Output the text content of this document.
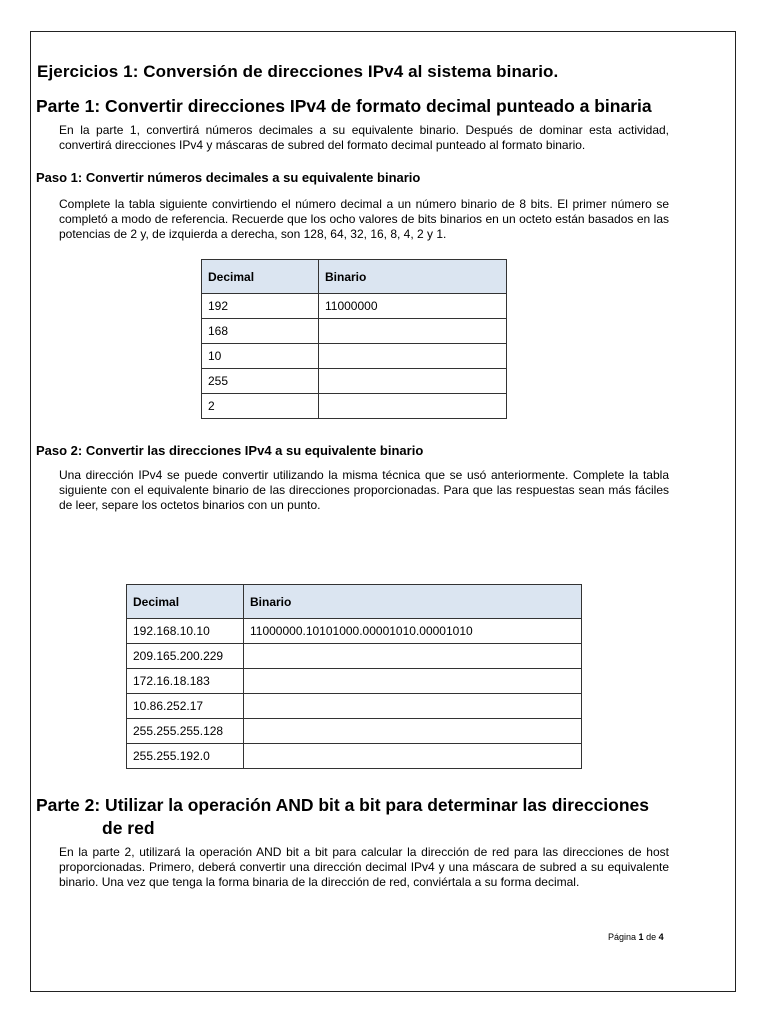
Ejercicios 1: Conversión de direcciones IPv4 al sistema binario.
Parte 1: Convertir direcciones IPv4 de formato decimal punteado a binaria
En la parte 1, convertirá números decimales a su equivalente binario. Después de dominar esta actividad, convertirá direcciones IPv4 y máscaras de subred del formato decimal punteado al formato binario.
Paso 1: Convertir números decimales a su equivalente binario
Complete la tabla siguiente convirtiendo el número decimal a un número binario de 8 bits. El primer número se completó a modo de referencia. Recuerde que los ocho valores de bits binarios en un octeto están basados en las potencias de 2 y, de izquierda a derecha, son 128, 64, 32, 16, 8, 4, 2 y 1.
Decimal	Binario
192	11000000
168	
10	
255	
2	
Paso 2: Convertir las direcciones IPv4 a su equivalente binario
Una dirección IPv4 se puede convertir utilizando la misma técnica que se usó anteriormente. Complete la tabla siguiente con el equivalente binario de las direcciones proporcionadas. Para que las respuestas sean más fáciles de leer, separe los octetos binarios con un punto.
Decimal	Binario
192.168.10.10	11000000.10101000.00001010.00001010
209.165.200.229	
172.16.18.183	
10.86.252.17	
255.255.255.128	
255.255.192.0	
Parte 2: Utilizar la operación AND bit a bit para determinar las direcciones
de red
En la parte 2, utilizará la operación AND bit a bit para calcular la dirección de red para las direcciones de host proporcionadas. Primero, deberá convertir una dirección decimal IPv4 y una máscara de subred a su equivalente binario. Una vez que tenga la forma binaria de la dirección de red, conviértala a su forma decimal.
Página 1 de 4
